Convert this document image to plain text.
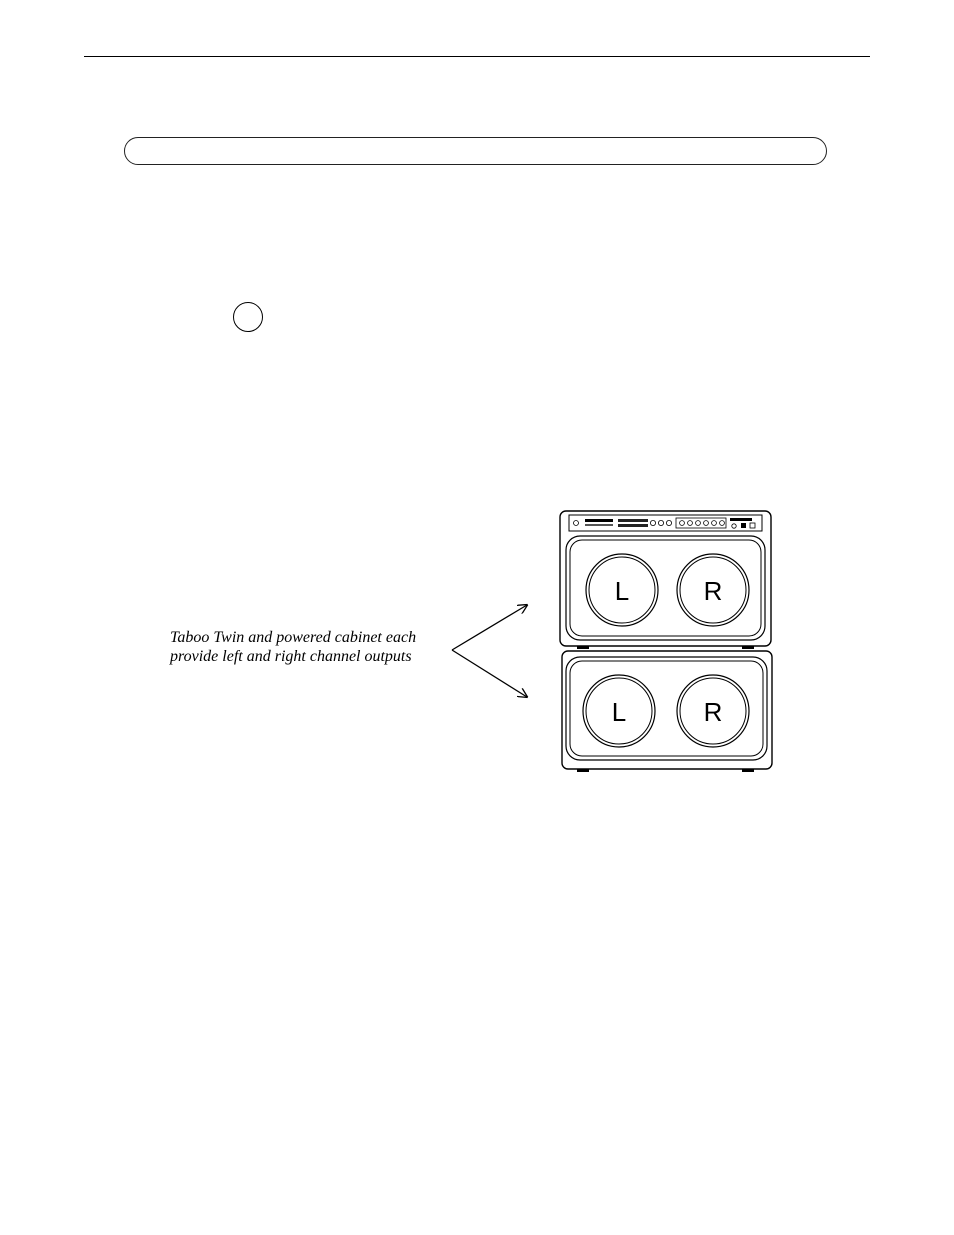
Taboo Twin and powered cabinet each
provide left and right channel outputs
L	R
L	R
